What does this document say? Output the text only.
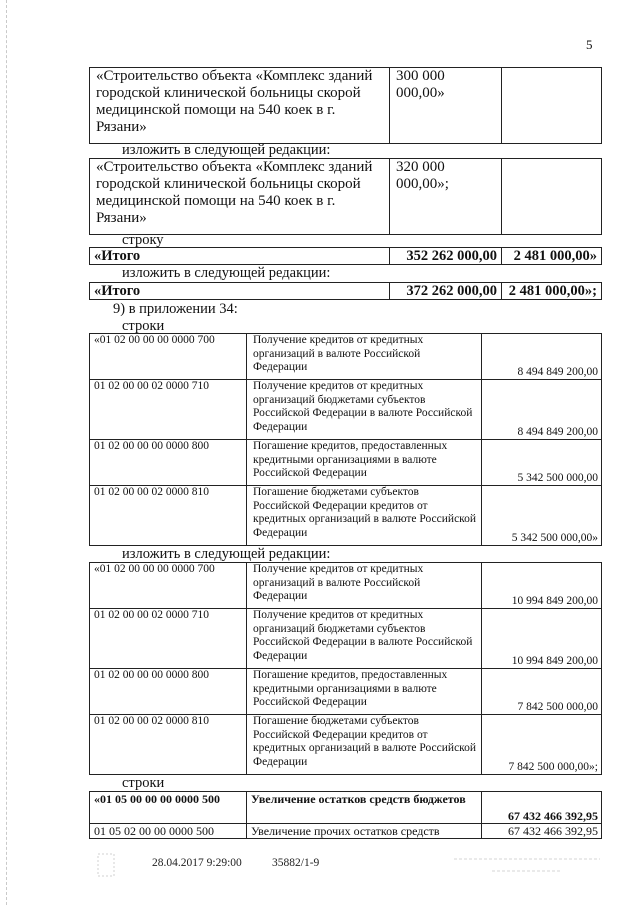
5
«Строительство объекта «Комплекс зданий городской клинической больницы скорой медицинской помощи на 540 коек в г. Рязани»	300 000 000,00»	
изложить в следующей редакции:
«Строительство объекта «Комплекс зданий городской клинической больницы скорой медицинской помощи на 540 коек в г. Рязани»	320 000 000,00»;	
строку
«Итого	352 262 000,00	2 481 000,00»
изложить в следующей редакции:
«Итого	372 262 000,00	2 481 000,00»;
9) в приложении 34:
строки
«01 02 00 00 00 0000 700	Получение кредитов от кредитных организаций в валюте Российской Федерации	8 494 849 200,00
01 02 00 00 02 0000 710	Получение кредитов от кредитных организаций бюджетами субъектов Российской Федерации в валюте Российской Федерации	8 494 849 200,00
01 02 00 00 00 0000 800	Погашение кредитов, предоставленных кредитными организациями в валюте Российской Федерации	5 342 500 000,00
01 02 00 00 02 0000 810	Погашение бюджетами субъектов Российской Федерации кредитов от кредитных организаций в валюте Российской Федерации	5 342 500 000,00»
изложить в следующей редакции:
«01 02 00 00 00 0000 700	Получение кредитов от кредитных организаций в валюте Российской Федерации	10 994 849 200,00
01 02 00 00 02 0000 710	Получение кредитов от кредитных организаций бюджетами субъектов Российской Федерации в валюте Российской Федерации	10 994 849 200,00
01 02 00 00 00 0000 800	Погашение кредитов, предоставленных кредитными организациями в валюте Российской Федерации	7 842 500 000,00
01 02 00 00 02 0000 810	Погашение бюджетами субъектов Российской Федерации кредитов от кредитных организаций в валюте Российской Федерации	7 842 500 000,00»;
строки
«01 05 00 00 00 0000 500	Увеличение остатков средств бюджетов	67 432 466 392,95
01 05 02 00 00 0000 500	Увеличение прочих остатков средств	67 432 466 392,95
28.04.2017 9:29:00	35882/1-9
